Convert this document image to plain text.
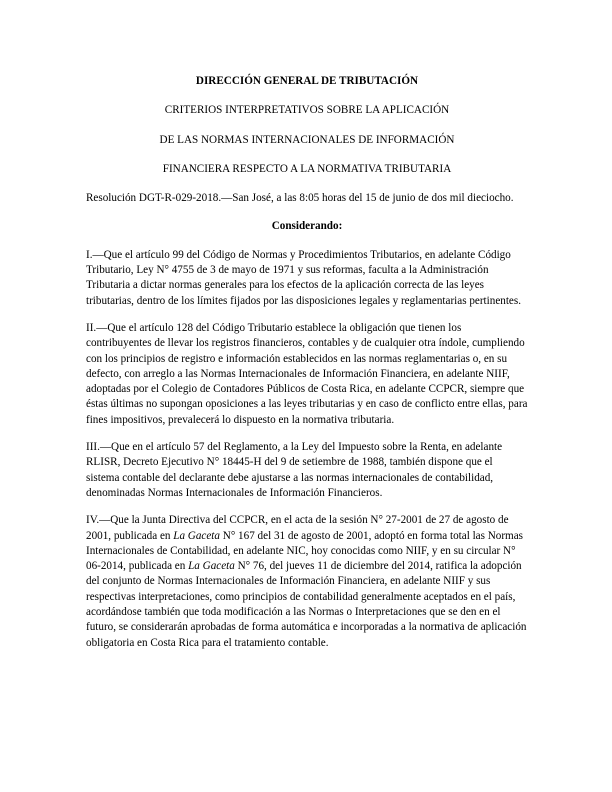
DIRECCIÓN GENERAL DE TRIBUTACIÓN

CRITERIOS INTERPRETATIVOS SOBRE LA APLICACIÓN

DE LAS NORMAS INTERNACIONALES DE INFORMACIÓN

FINANCIERA RESPECTO A LA NORMATIVA TRIBUTARIA

Resolución DGT-R-029-2018.—San José, a las 8:05 horas del 15 de junio de dos mil dieciocho.

Considerando:

I.—Que el artículo 99 del Código de Normas y Procedimientos Tributarios, en adelante Código Tributario, Ley N° 4755 de 3 de mayo de 1971 y sus reformas, faculta a la Administración Tributaria a dictar normas generales para los efectos de la aplicación correcta de las leyes tributarias, dentro de los límites fijados por las disposiciones legales y reglamentarias pertinentes.

II.—Que el artículo 128 del Código Tributario establece la obligación que tienen los contribuyentes de llevar los registros financieros, contables y de cualquier otra índole, cumpliendo con los principios de registro e información establecidos en las normas reglamentarias o, en su defecto, con arreglo a las Normas Internacionales de Información Financiera, en adelante NIIF, adoptadas por el Colegio de Contadores Públicos de Costa Rica, en adelante CCPCR, siempre que éstas últimas no supongan oposiciones a las leyes tributarias y en caso de conflicto entre ellas, para fines impositivos, prevalecerá lo dispuesto en la normativa tributaria.

III.—Que en el artículo 57 del Reglamento, a la Ley del Impuesto sobre la Renta, en adelante RLISR, Decreto Ejecutivo N° 18445-H del 9 de setiembre de 1988, también dispone que el sistema contable del declarante debe ajustarse a las normas internacionales de contabilidad, denominadas Normas Internacionales de Información Financieros.

IV.—Que la Junta Directiva del CCPCR, en el acta de la sesión N° 27-2001 de 27 de agosto de 2001, publicada en La Gaceta N° 167 del 31 de agosto de 2001, adoptó en forma total las Normas Internacionales de Contabilidad, en adelante NIC, hoy conocidas como NIIF, y en su circular N° 06-2014, publicada en La Gaceta N° 76, del jueves 11 de diciembre del 2014, ratifica la adopción del conjunto de Normas Internacionales de Información Financiera, en adelante NIIF y sus respectivas interpretaciones, como principios de contabilidad generalmente aceptados en el país, acordándose también que toda modificación a las Normas o Interpretaciones que se den en el futuro, se considerarán aprobadas de forma automática e incorporadas a la normativa de aplicación obligatoria en Costa Rica para el tratamiento contable.
